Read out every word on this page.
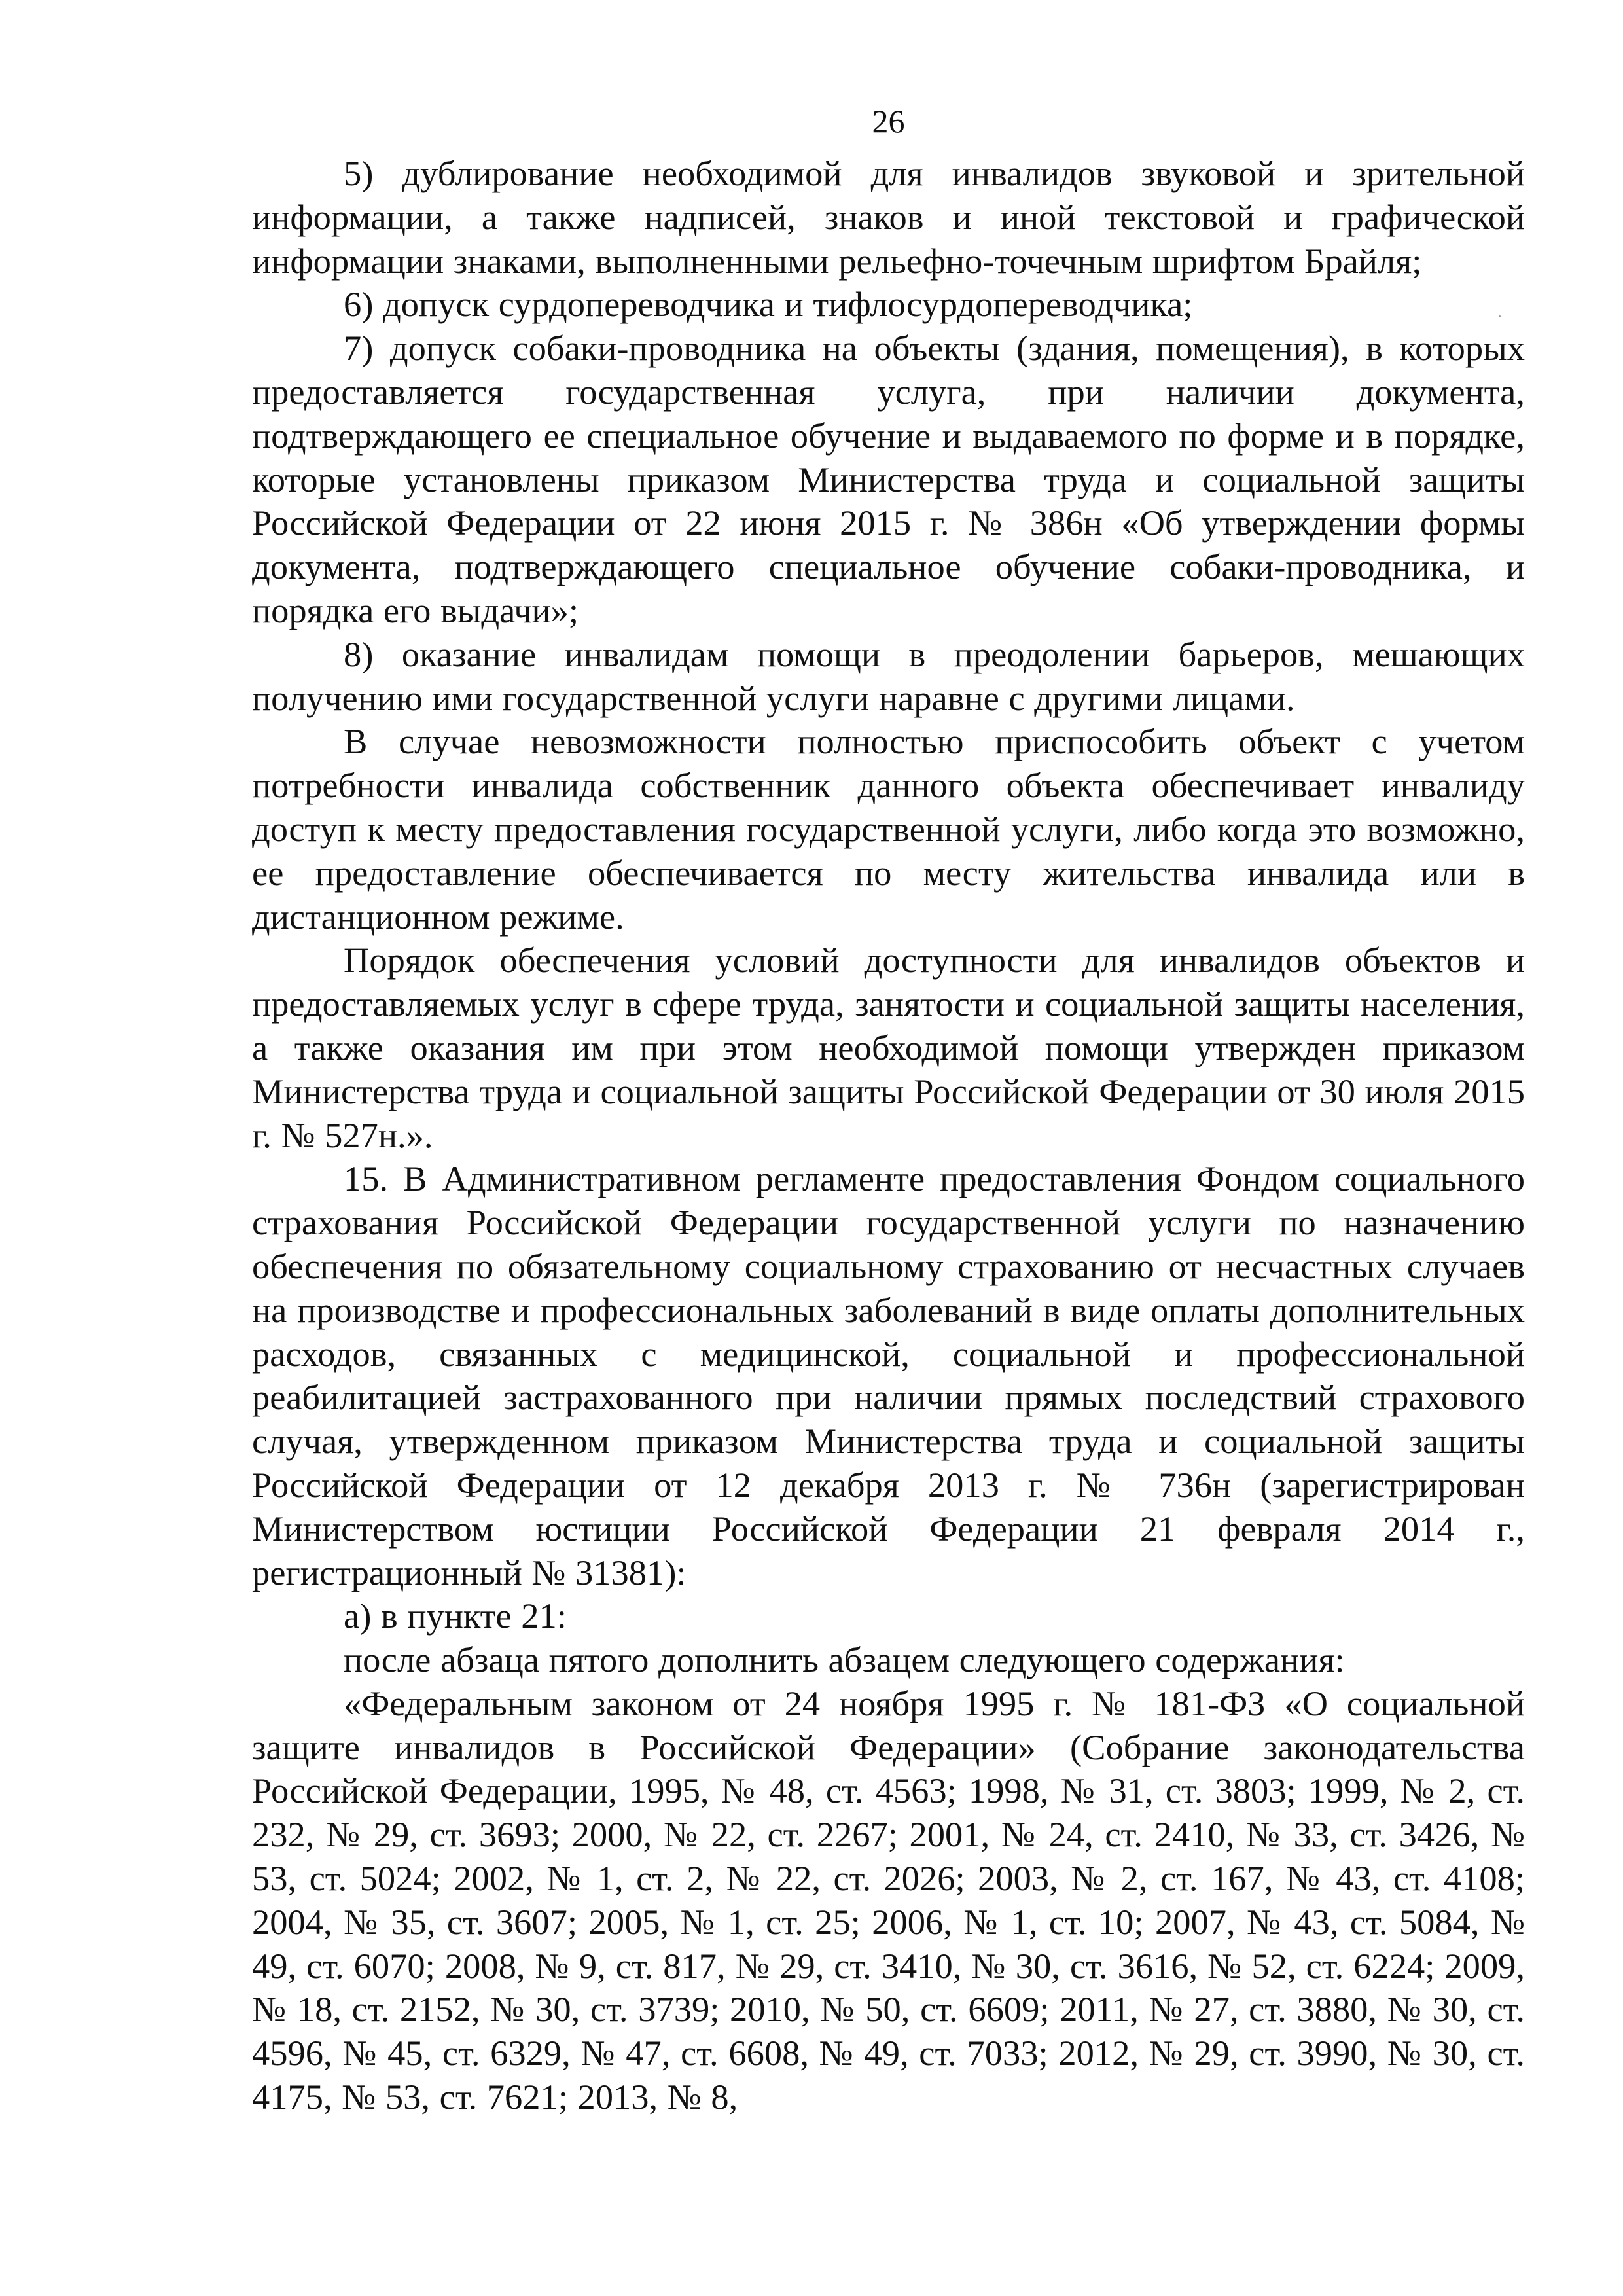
26

5) дублирование необходимой для инвалидов звуковой и зрительной информации, а также надписей, знаков и иной текстовой и графической информации знаками, выполненными рельефно-точечным шрифтом Брайля;

6) допуск сурдопереводчика и тифлосурдопереводчика;

7) допуск собаки-проводника на объекты (здания, помещения), в которых предоставляется государственная услуга, при наличии документа, подтверждающего ее специальное обучение и выдаваемого по форме и в порядке, которые установлены приказом Министерства труда и социальной защиты Российской Федерации от 22 июня 2015 г. № 386н «Об утверждении формы документа, подтверждающего специальное обучение собаки-проводника, и порядка его выдачи»;

8) оказание инвалидам помощи в преодолении барьеров, мешающих получению ими государственной услуги наравне с другими лицами.

В случае невозможности полностью приспособить объект с учетом потребности инвалида собственник данного объекта обеспечивает инвалиду доступ к месту предоставления государственной услуги, либо когда это возможно, ее предоставление обеспечивается по месту жительства инвалида или в дистанционном режиме.

Порядок обеспечения условий доступности для инвалидов объектов и предоставляемых услуг в сфере труда, занятости и социальной защиты населения, а также оказания им при этом необходимой помощи утвержден приказом Министерства труда и социальной защиты Российской Федерации от 30 июля 2015 г. № 527н.».

15. В Административном регламенте предоставления Фондом социального страхования Российской Федерации государственной услуги по назначению обеспечения по обязательному социальному страхованию от несчастных случаев на производстве и профессиональных заболеваний в виде оплаты дополнительных расходов, связанных с медицинской, социальной и профессиональной реабилитацией застрахованного при наличии прямых последствий страхового случая, утвержденном приказом Министерства труда и социальной защиты Российской Федерации от 12 декабря 2013 г. № 736н (зарегистрирован Министерством юстиции Российской Федерации 21 февраля 2014 г., регистрационный № 31381):

а) в пункте 21:

после абзаца пятого дополнить абзацем следующего содержания:

«Федеральным законом от 24 ноября 1995 г. № 181-ФЗ «О социальной защите инвалидов в Российской Федерации» (Собрание законодательства Российской Федерации, 1995, № 48, ст. 4563; 1998, № 31, ст. 3803; 1999, № 2, ст. 232, № 29, ст. 3693; 2000, № 22, ст. 2267; 2001, № 24, ст. 2410, № 33, ст. 3426, № 53, ст. 5024; 2002, № 1, ст. 2, № 22, ст. 2026; 2003, № 2, ст. 167, № 43, ст. 4108; 2004, № 35, ст. 3607; 2005, № 1, ст. 25; 2006, № 1, ст. 10; 2007, № 43, ст. 5084, № 49, ст. 6070; 2008, № 9, ст. 817, № 29, ст. 3410, № 30, ст. 3616, № 52, ст. 6224; 2009, № 18, ст. 2152, № 30, ст. 3739; 2010, № 50, ст. 6609; 2011, № 27, ст. 3880, № 30, ст. 4596, № 45, ст. 6329, № 47, ст. 6608, № 49, ст. 7033; 2012, № 29, ст. 3990, № 30, ст. 4175, № 53, ст. 7621; 2013, № 8,
